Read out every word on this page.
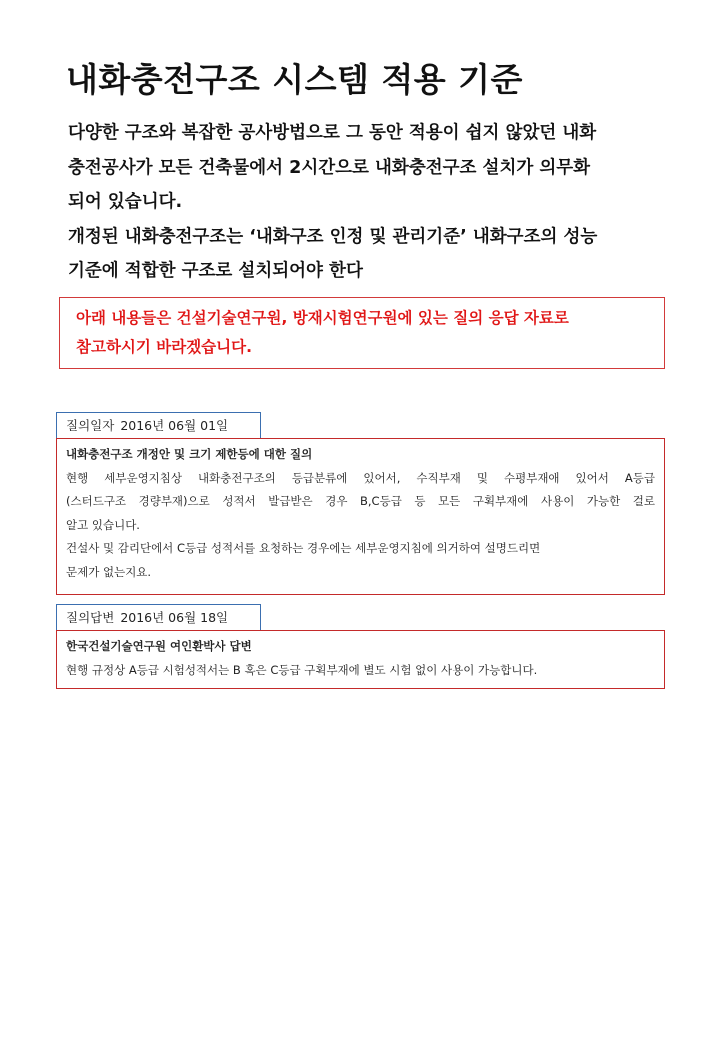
내화충전구조 시스템 적용 기준

다양한 구조와 복잡한 공사방법으로 그 동안 적용이 쉽지 않았던 내화

충전공사가 모든 건축물에서 2시간으로 내화충전구조 설치가 의무화

되어 있습니다.

개정된 내화충전구조는 ‘내화구조 인정 및 관리기준’ 내화구조의 성능

기준에 적합한 구조로 설치되어야 한다

아래 내용들은 건설기술연구원, 방재시험연구원에 있는 질의 응답 자료로

참고하시기 바라겠습니다.

질의일자 2016년 06월 01일

내화충전구조 개정안 및 크기 제한등에 대한 질의

현행 세부운영지침상 내화충전구조의 등급분류에 있어서, 수직부재 및 수평부재애 있어서 A등급

(스터드구조 경량부재)으로 성적서 발급받은 경우 B,C등급 등 모든 구획부재에 사용이 가능한 걸로

알고 있습니다.

건설사 및 감리단에서 C등급 성적서를 요청하는 경우에는 세부운영지침에 의거하여 설명드리면

문제가 없는지요.

질의답변 2016년 06월 18일

한국건설기술연구원 여인환박사 답변

현행 규정상 A등급 시험성적서는 B 혹은 C등급 구획부재에 별도 시험 없이 사용이 가능합니다.
